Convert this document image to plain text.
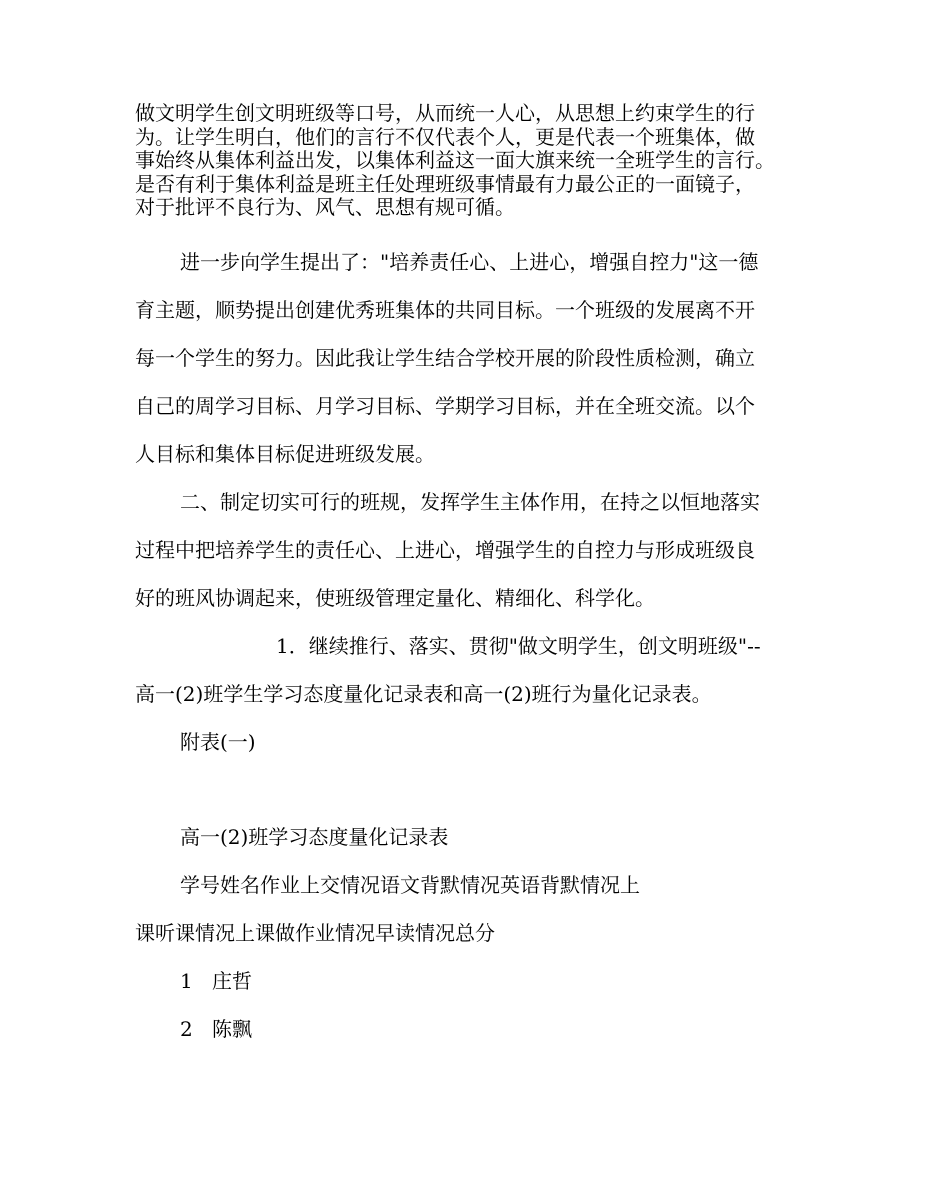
做文明学生创文明班级等口号，从而统一人心，从思想上约束学生的行

为。让学生明白，他们的言行不仅代表个人，更是代表一个班集体，做

事始终从集体利益出发，以集体利益这一面大旗来统一全班学生的言行。

是否有利于集体利益是班主任处理班级事情最有力最公正的一面镜子，

对于批评不良行为、风气、思想有规可循。

进一步向学生提出了："培养责任心、上进心，增强自控力"这一德
育主题，顺势提出创建优秀班集体的共同目标。一个班级的发展离不开
每一个学生的努力。因此我让学生结合学校开展的阶段性质检测，确立
自己的周学习目标、月学习目标、学期学习目标，并在全班交流。以个
人目标和集体目标促进班级发展。
二、制定切实可行的班规，发挥学生主体作用，在持之以恒地落实
过程中把培养学生的责任心、上进心，增强学生的自控力与形成班级良
好的班风协调起来，使班级管理定量化、精细化、科学化。
1．继续推行、落实、贯彻"做文明学生，创文明班级"--
高一(2)班学生学习态度量化记录表和高一(2)班行为量化记录表。
附表(一)
高一(2)班学习态度量化记录表
学号姓名作业上交情况语文背默情况英语背默情况上
课听课情况上课做作业情况早读情况总分
1 庄哲
2 陈飘
